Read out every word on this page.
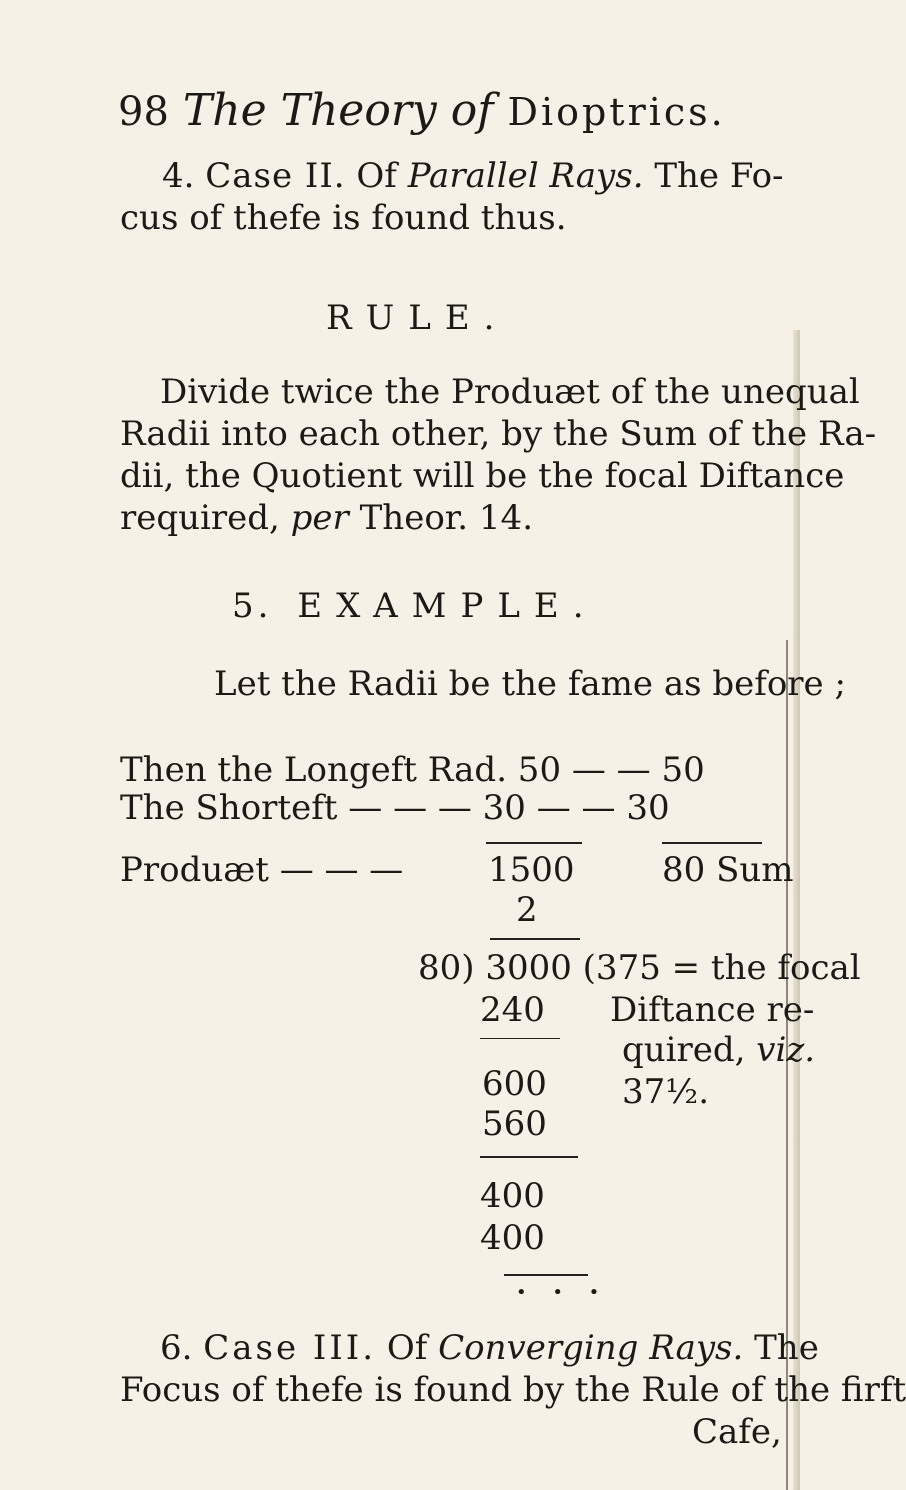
98 The Theory of Dioptrics.
4. Case II. Of Parallel Rays. The Fo-
cus of thefe is found thus.
RULE.
Divide twice the Produæt of the unequal
Radii into each other, by the Sum of the Ra-
dii, the Quotient will be the focal Diftance
required, per Theor. 14.
5. EXAMPLE.
Let the Radii be the fame as before ;
Then the Longeft Rad. 50 — — 50
The Shorteft — — — 30 — — 30
Produæt — — — 1500	80 Sum
2
80) 3000 (375 = the focal
240 Diftance re-
quired, viz.
600 37½.
560
400
400
• • •
6. Case III. Of Converging Rays. The
Focus of thefe is found by the Rule of the firft
Cafe,
